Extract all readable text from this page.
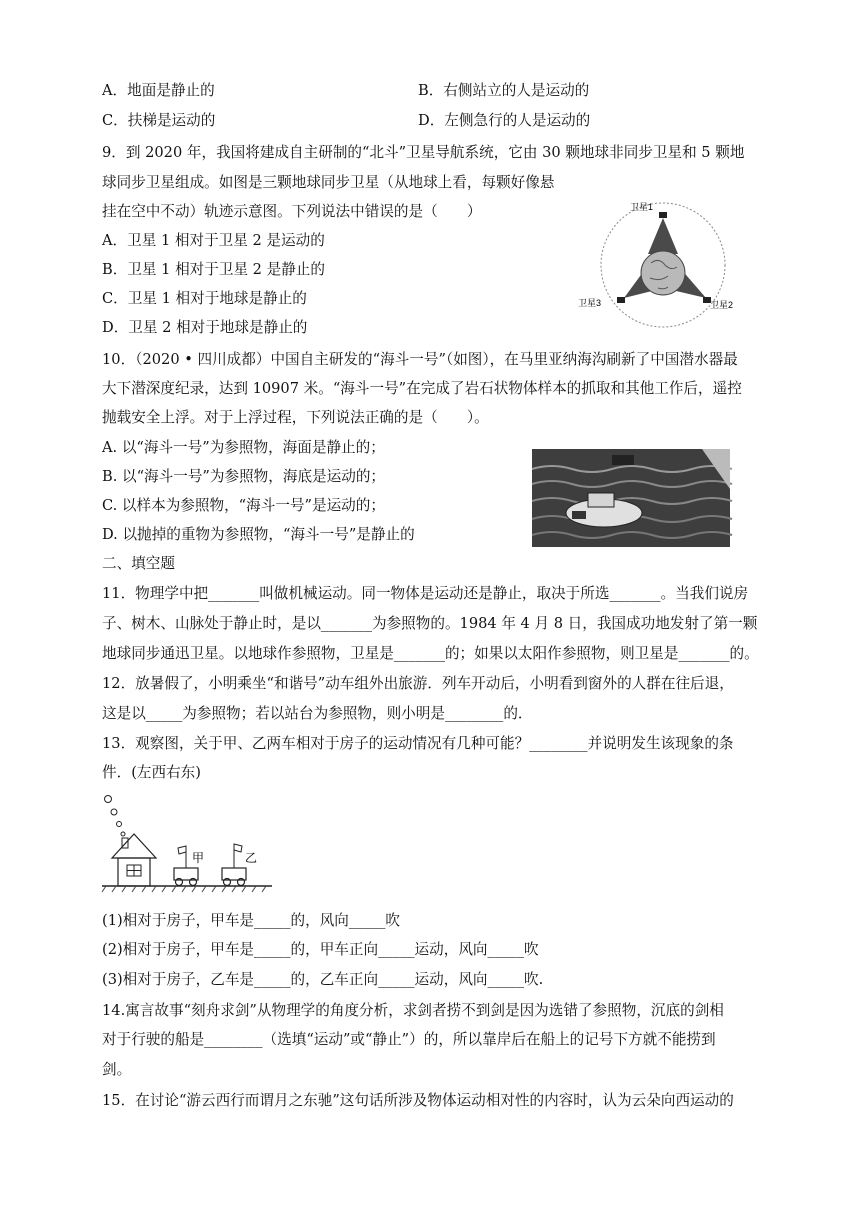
A．地面是静止的	B．右侧站立的人是运动的
C．扶梯是运动的	D．左侧急行的人是运动的
9．到 2020 年，我国将建成自主研制的“北斗”卫星导航系统，它由 30 颗地球非同步卫星和 5 颗地
球同步卫星组成。如图是三颗地球同步卫星（从地球上看，每颗好像悬
挂在空中不动）轨迹示意图。下列说法中错误的是（　　）
A．卫星 1 相对于卫星 2 是运动的
B．卫星 1 相对于卫星 2 是静止的
C．卫星 1 相对于地球是静止的
D．卫星 2 相对于地球是静止的
卫星1
卫星3	卫星2
10．（2020 • 四川成都）中国自主研发的“海斗一号”（如图），在马里亚纳海沟刷新了中国潜水器最
大下潜深度纪录，达到 10907 米。“海斗一号”在完成了岩石状物体样本的抓取和其他工作后，遥控
抛载安全上浮。对于上浮过程，下列说法正确的是（　　）。
A. 以“海斗一号”为参照物，海面是静止的；
B. 以“海斗一号”为参照物，海底是运动的；
C. 以样本为参照物，“海斗一号”是运动的；
D. 以抛掉的重物为参照物，“海斗一号”是静止的
二、填空题
11．物理学中把_______叫做机械运动。同一物体是运动还是静止，取决于所选_______。当我们说房
子、树木、山脉处于静止时，是以_______为参照物的。1984 年 4 月 8 日，我国成功地发射了第一颗
地球同步通迅卫星。以地球作参照物，卫星是_______的；如果以太阳作参照物，则卫星是_______的。
12．放暑假了，小明乘坐“和谐号”动车组外出旅游．列车开动后，小明看到窗外的人群在往后退，
这是以_____为参照物；若以站台为参照物，则小明是________的．
13．观察图，关于甲、乙两车相对于房子的运动情况有几种可能？________并说明发生该现象的条
件．(左西右东)
甲	乙
(1)相对于房子，甲车是_____的，风向_____吹
(2)相对于房子，甲车是_____的，甲车正向_____运动，风向_____吹
(3)相对于房子，乙车是_____的，乙车正向_____运动，风向_____吹.
14.寓言故事“刻舟求剑”从物理学的角度分析，求剑者捞不到剑是因为选错了参照物，沉底的剑相
对于行驶的船是________（选填“运动”或“静止”）的，所以靠岸后在船上的记号下方就不能捞到
剑。
15．在讨论“游云西行而谓月之东驰”这句话所涉及物体运动相对性的内容时，认为云朵向西运动的
